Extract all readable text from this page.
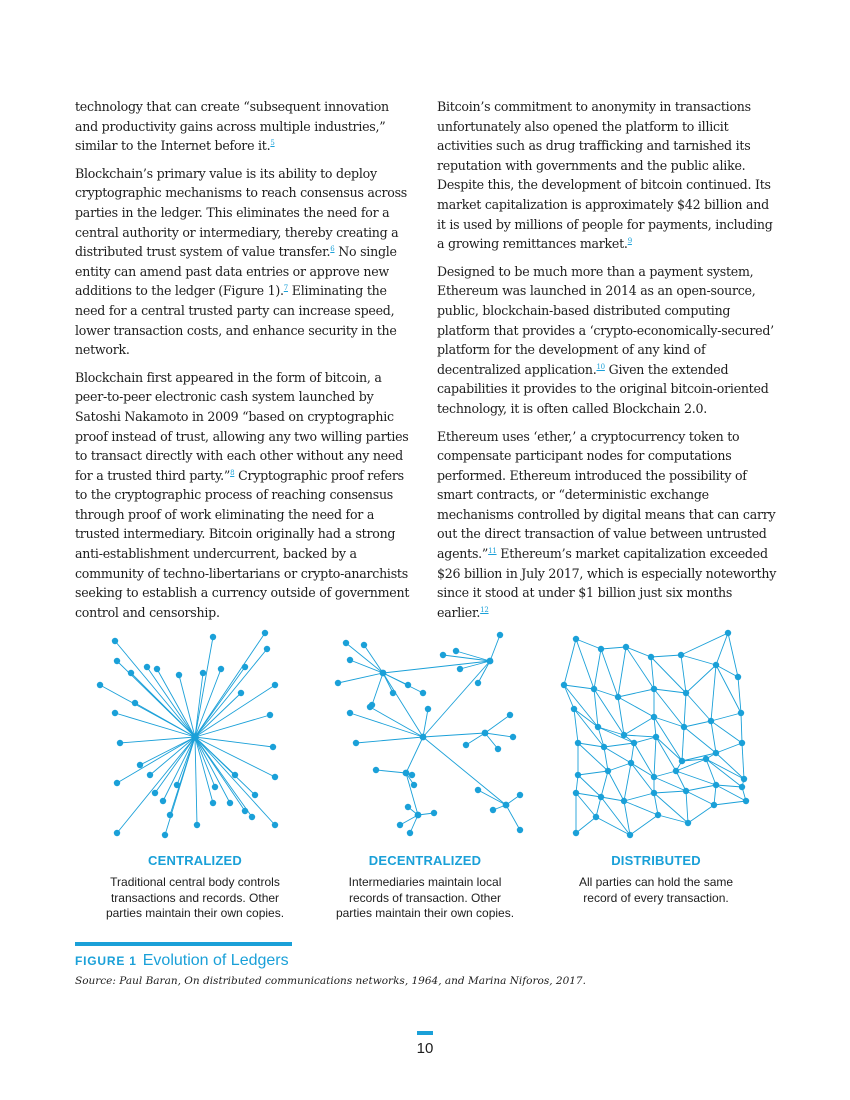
technology that can create “subsequent innovation and productivity gains across multiple industries,” similar to the Internet before it.$^5$

Blockchain’s primary value is its ability to deploy cryptographic mechanisms to reach consensus across parties in the ledger. This eliminates the need for a central authority or intermediary, thereby creating a distributed trust system of value transfer.$^6$ No single entity can amend past data entries or approve new additions to the ledger (Figure 1).$^7$ Eliminating the need for a central trusted party can increase speed, lower transaction costs, and enhance security in the network.

Blockchain first appeared in the form of bitcoin, a peer-to-peer electronic cash system launched by Satoshi Nakamoto in 2009 “based on cryptographic proof instead of trust, allowing any two willing parties to transact directly with each other without any need for a trusted third party.”$^8$ Cryptographic proof refers to the cryptographic process of reaching consensus through proof of work eliminating the need for a trusted intermediary. Bitcoin originally had a strong anti-establishment undercurrent, backed by a community of techno-libertarians or crypto-anarchists seeking to establish a currency outside of government control and censorship.

Bitcoin’s commitment to anonymity in transactions unfortunately also opened the platform to illicit activities such as drug trafficking and tarnished its reputation with governments and the public alike. Despite this, the development of bitcoin continued. Its market capitalization is approximately $42 billion and it is used by millions of people for payments, including a growing remittances market.$^9$

Designed to be much more than a payment system, Ethereum was launched in 2014 as an open-source, public, blockchain-based distributed computing platform that provides a ‘crypto-economically-secured’ platform for the development of any kind of decentralized application.$^{10}$ Given the extended capabilities it provides to the original bitcoin-oriented technology, it is often called Blockchain 2.0.

Ethereum uses ‘ether,’ a cryptocurrency token to compensate participant nodes for computations performed. Ethereum introduced the possibility of smart contracts, or “deterministic exchange mechanisms controlled by digital means that can carry out the direct transaction of value between untrusted agents.”$^{11}$ Ethereum’s market capitalization exceeded $26 billion in July 2017, which is especially noteworthy since it stood at under $1 billion just six months earlier.$^{12}$

CENTRALIZED
Traditional central body controls
transactions and records. Other
parties maintain their own copies.
DECENTRALIZED
Intermediaries maintain local
records of transaction. Other
parties maintain their own copies.
DISTRIBUTED
All parties can hold the same
record of every transaction.
FIGURE 1 Evolution of Ledgers
Source: Paul Baran, On distributed communications networks, 1964, and Marina Niforos, 2017.
10
